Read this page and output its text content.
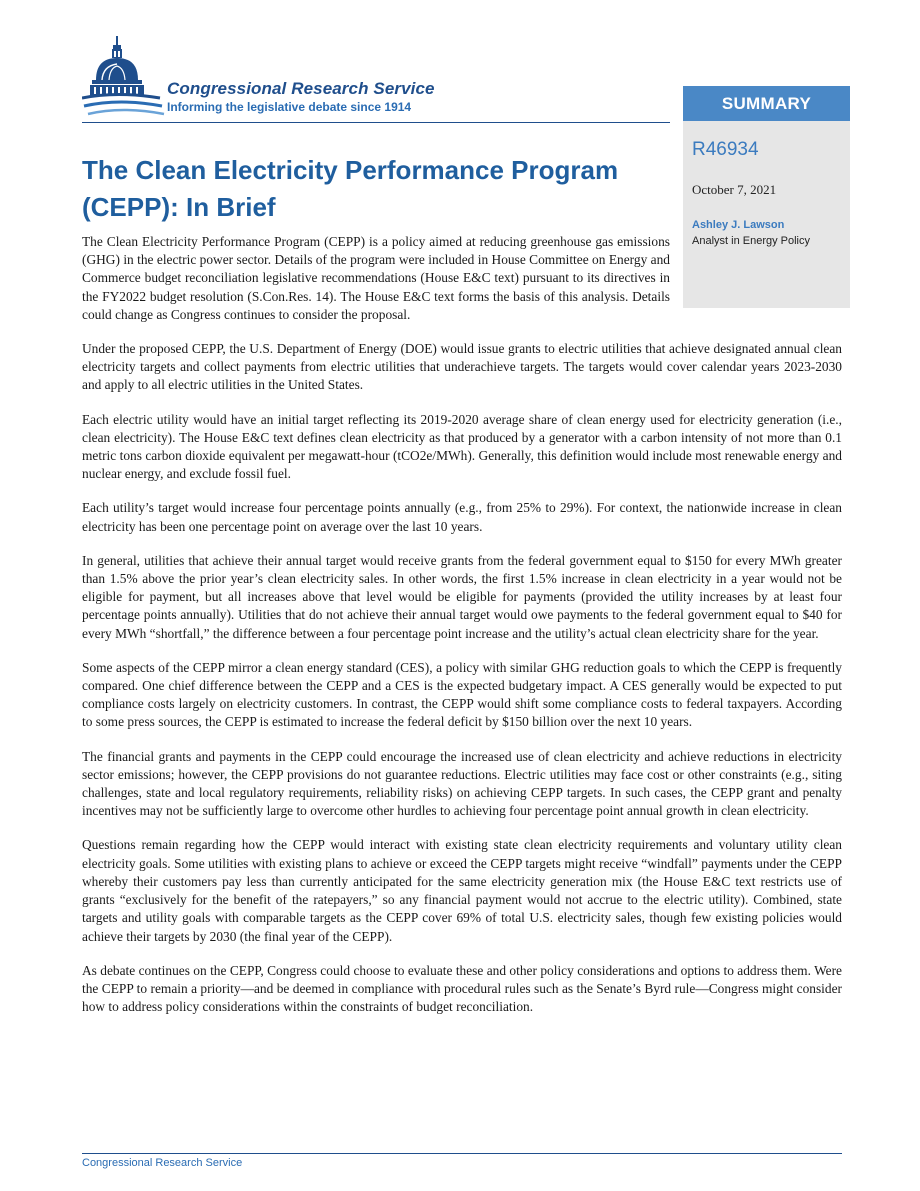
Congressional Research Service
Informing the legislative debate since 1914	SUMMARY
R46934
October 7, 2021
Ashley J. Lawson
Analyst in Energy Policy
The Clean Electricity Performance Program (CEPP): In Brief

The Clean Electricity Performance Program (CEPP) is a policy aimed at reducing greenhouse gas emissions (GHG) in the electric power sector. Details of the program were included in House Committee on Energy and Commerce budget reconciliation legislative recommendations (House E&C text) pursuant to its directives in the FY2022 budget resolution (S.Con.Res. 14). The House E&C text forms the basis of this analysis. Details could change as Congress continues to consider the proposal.

Under the proposed CEPP, the U.S. Department of Energy (DOE) would issue grants to electric utilities that achieve designated annual clean electricity targets and collect payments from electric utilities that underachieve targets. The targets would cover calendar years 2023-2030 and apply to all electric utilities in the United States.

Each electric utility would have an initial target reflecting its 2019-2020 average share of clean energy used for electricity generation (i.e., clean electricity). The House E&C text defines clean electricity as that produced by a generator with a carbon intensity of not more than 0.1 metric tons carbon dioxide equivalent per megawatt-hour (tCO2e/MWh). Generally, this definition would include most renewable energy and nuclear energy, and exclude fossil fuel.

Each utility’s target would increase four percentage points annually (e.g., from 25% to 29%). For context, the nationwide increase in clean electricity has been one percentage point on average over the last 10 years.

In general, utilities that achieve their annual target would receive grants from the federal government equal to $150 for every MWh greater than 1.5% above the prior year’s clean electricity sales. In other words, the first 1.5% increase in clean electricity in a year would not be eligible for payment, but all increases above that level would be eligible for payments (provided the utility increases by at least four percentage points annually). Utilities that do not achieve their annual target would owe payments to the federal government equal to $40 for every MWh “shortfall,” the difference between a four percentage point increase and the utility’s actual clean electricity share for the year.

Some aspects of the CEPP mirror a clean energy standard (CES), a policy with similar GHG reduction goals to which the CEPP is frequently compared. One chief difference between the CEPP and a CES is the expected budgetary impact. A CES generally would be expected to put compliance costs largely on electricity customers. In contrast, the CEPP would shift some compliance costs to federal taxpayers. According to some press sources, the CEPP is estimated to increase the federal deficit by $150 billion over the next 10 years.

The financial grants and payments in the CEPP could encourage the increased use of clean electricity and achieve reductions in electricity sector emissions; however, the CEPP provisions do not guarantee reductions. Electric utilities may face cost or other constraints (e.g., siting challenges, state and local regulatory requirements, reliability risks) on achieving CEPP targets. In such cases, the CEPP grant and penalty incentives may not be sufficiently large to overcome other hurdles to achieving four percentage point annual growth in clean electricity.

Questions remain regarding how the CEPP would interact with existing state clean electricity requirements and voluntary utility clean electricity goals. Some utilities with existing plans to achieve or exceed the CEPP targets might receive “windfall” payments under the CEPP whereby their customers pay less than currently anticipated for the same electricity generation mix (the House E&C text restricts use of grants “exclusively for the benefit of the ratepayers,” so any financial payment would not accrue to the electric utility). Combined, state targets and utility goals with comparable targets as the CEPP cover 69% of total U.S. electricity sales, though few existing policies would achieve their targets by 2030 (the final year of the CEPP).

As debate continues on the CEPP, Congress could choose to evaluate these and other policy considerations and options to address them. Were the CEPP to remain a priority—and be deemed in compliance with procedural rules such as the Senate’s Byrd rule—Congress might consider how to address policy considerations within the constraints of budget reconciliation.

Congressional Research Service
